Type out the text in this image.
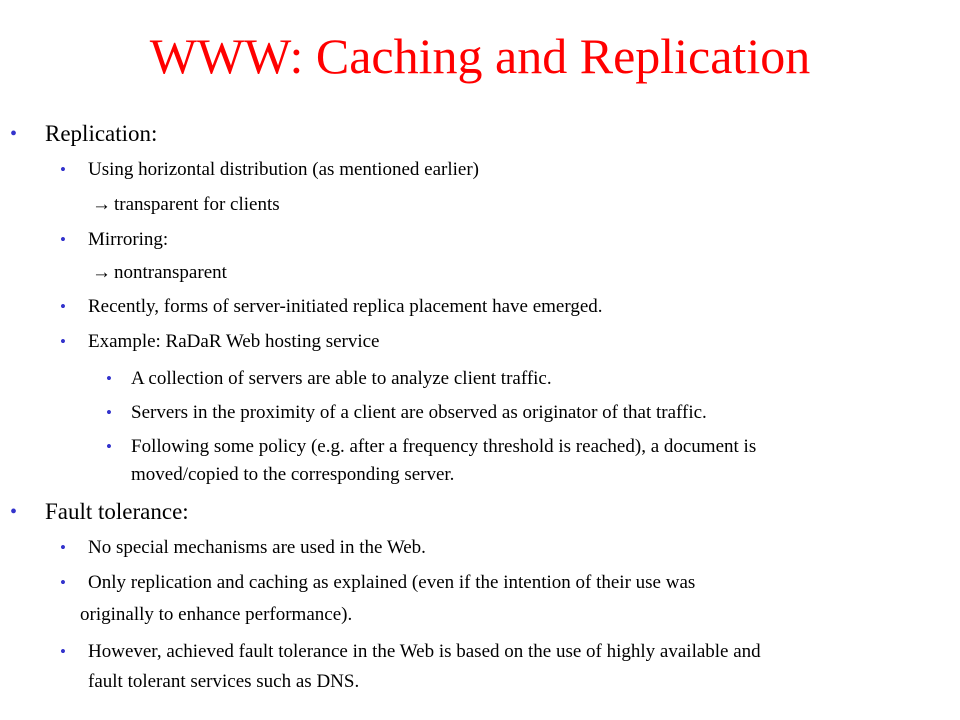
WWW: Caching and Replication
• Replication:
• Using horizontal distribution (as mentioned earlier)
→ transparent for clients
• Mirroring:
→ nontransparent
• Recently, forms of server-initiated replica placement have emerged.
• Example: RaDaR Web hosting service
• A collection of servers are able to analyze client traffic.
• Servers in the proximity of a client are observed as originator of that traffic.
• Following some policy (e.g. after a frequency threshold is reached), a document is
moved/copied to the corresponding server.
• Fault tolerance:
• No special mechanisms are used in the Web.
• Only replication and caching as explained (even if the intention of their use was
originally to enhance performance).
• However, achieved fault tolerance in the Web is based on the use of highly available and
fault tolerant services such as DNS.
